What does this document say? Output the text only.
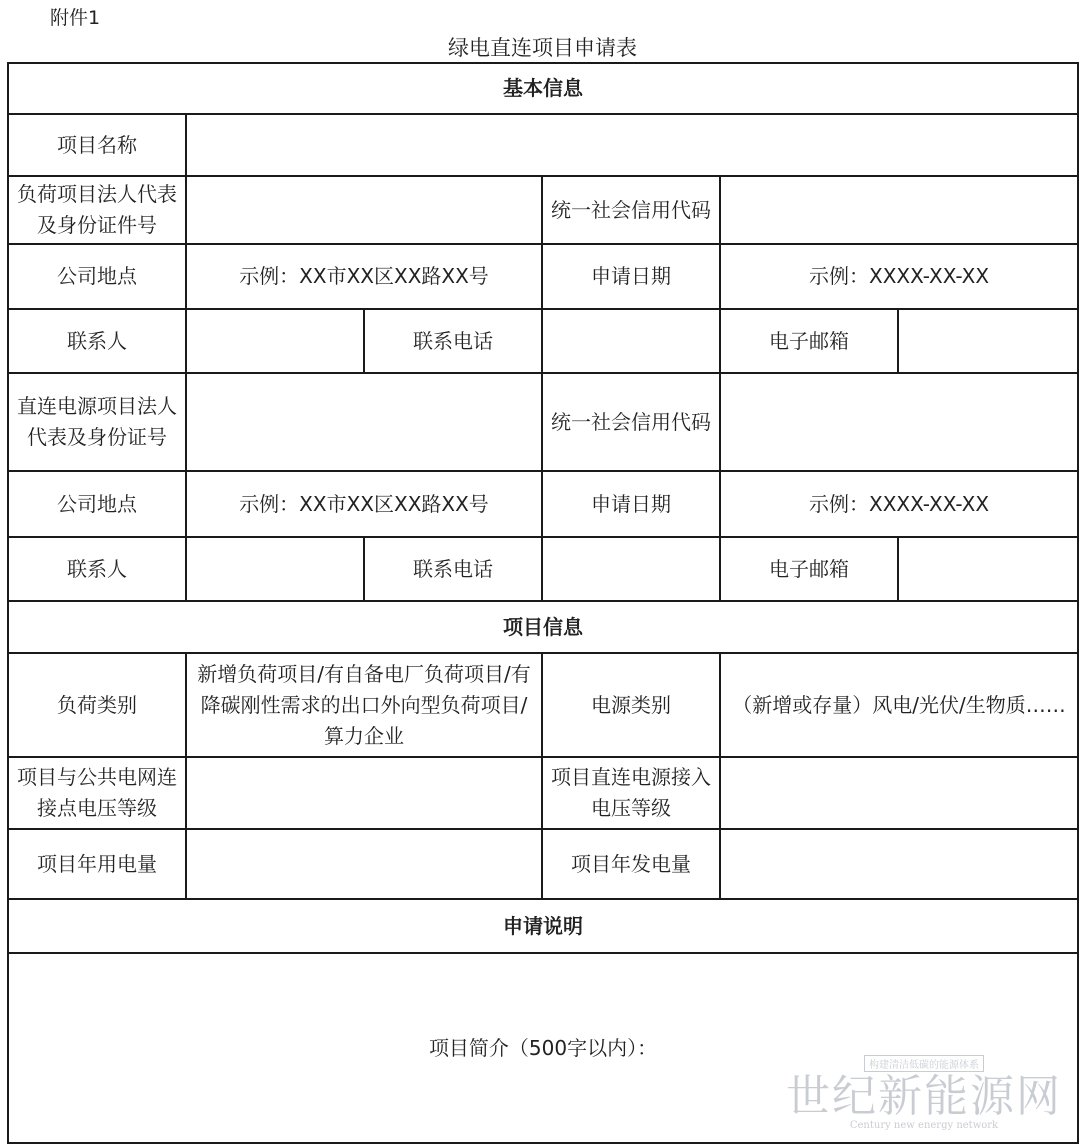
附件1
绿电直连项目申请表
基本信息					
项目名称					
负荷项目法人代表及身份证件号			统一社会信用代码		
公司地点	示例：XX市XX区XX路XX号		申请日期	示例：XXXX-XX-XX	
联系人		联系电话		电子邮箱	
直连电源项目法人代表及身份证号			统一社会信用代码		
公司地点	示例：XX市XX区XX路XX号		申请日期	示例：XXXX-XX-XX	
联系人		联系电话		电子邮箱	
项目信息					
负荷类别	新增负荷项目/有自备电厂负荷项目/有降碳刚性需求的出口外向型负荷项目/算力企业		电源类别	（新增或存量）风电/光伏/生物质……	
项目与公共电网连接点电压等级			项目直连电源接入电压等级		
项目年用电量			项目年发电量		
申请说明					
项目简介（500字以内）：					
构建清洁低碳的能源体系
世纪新能源网
Century new energy network
